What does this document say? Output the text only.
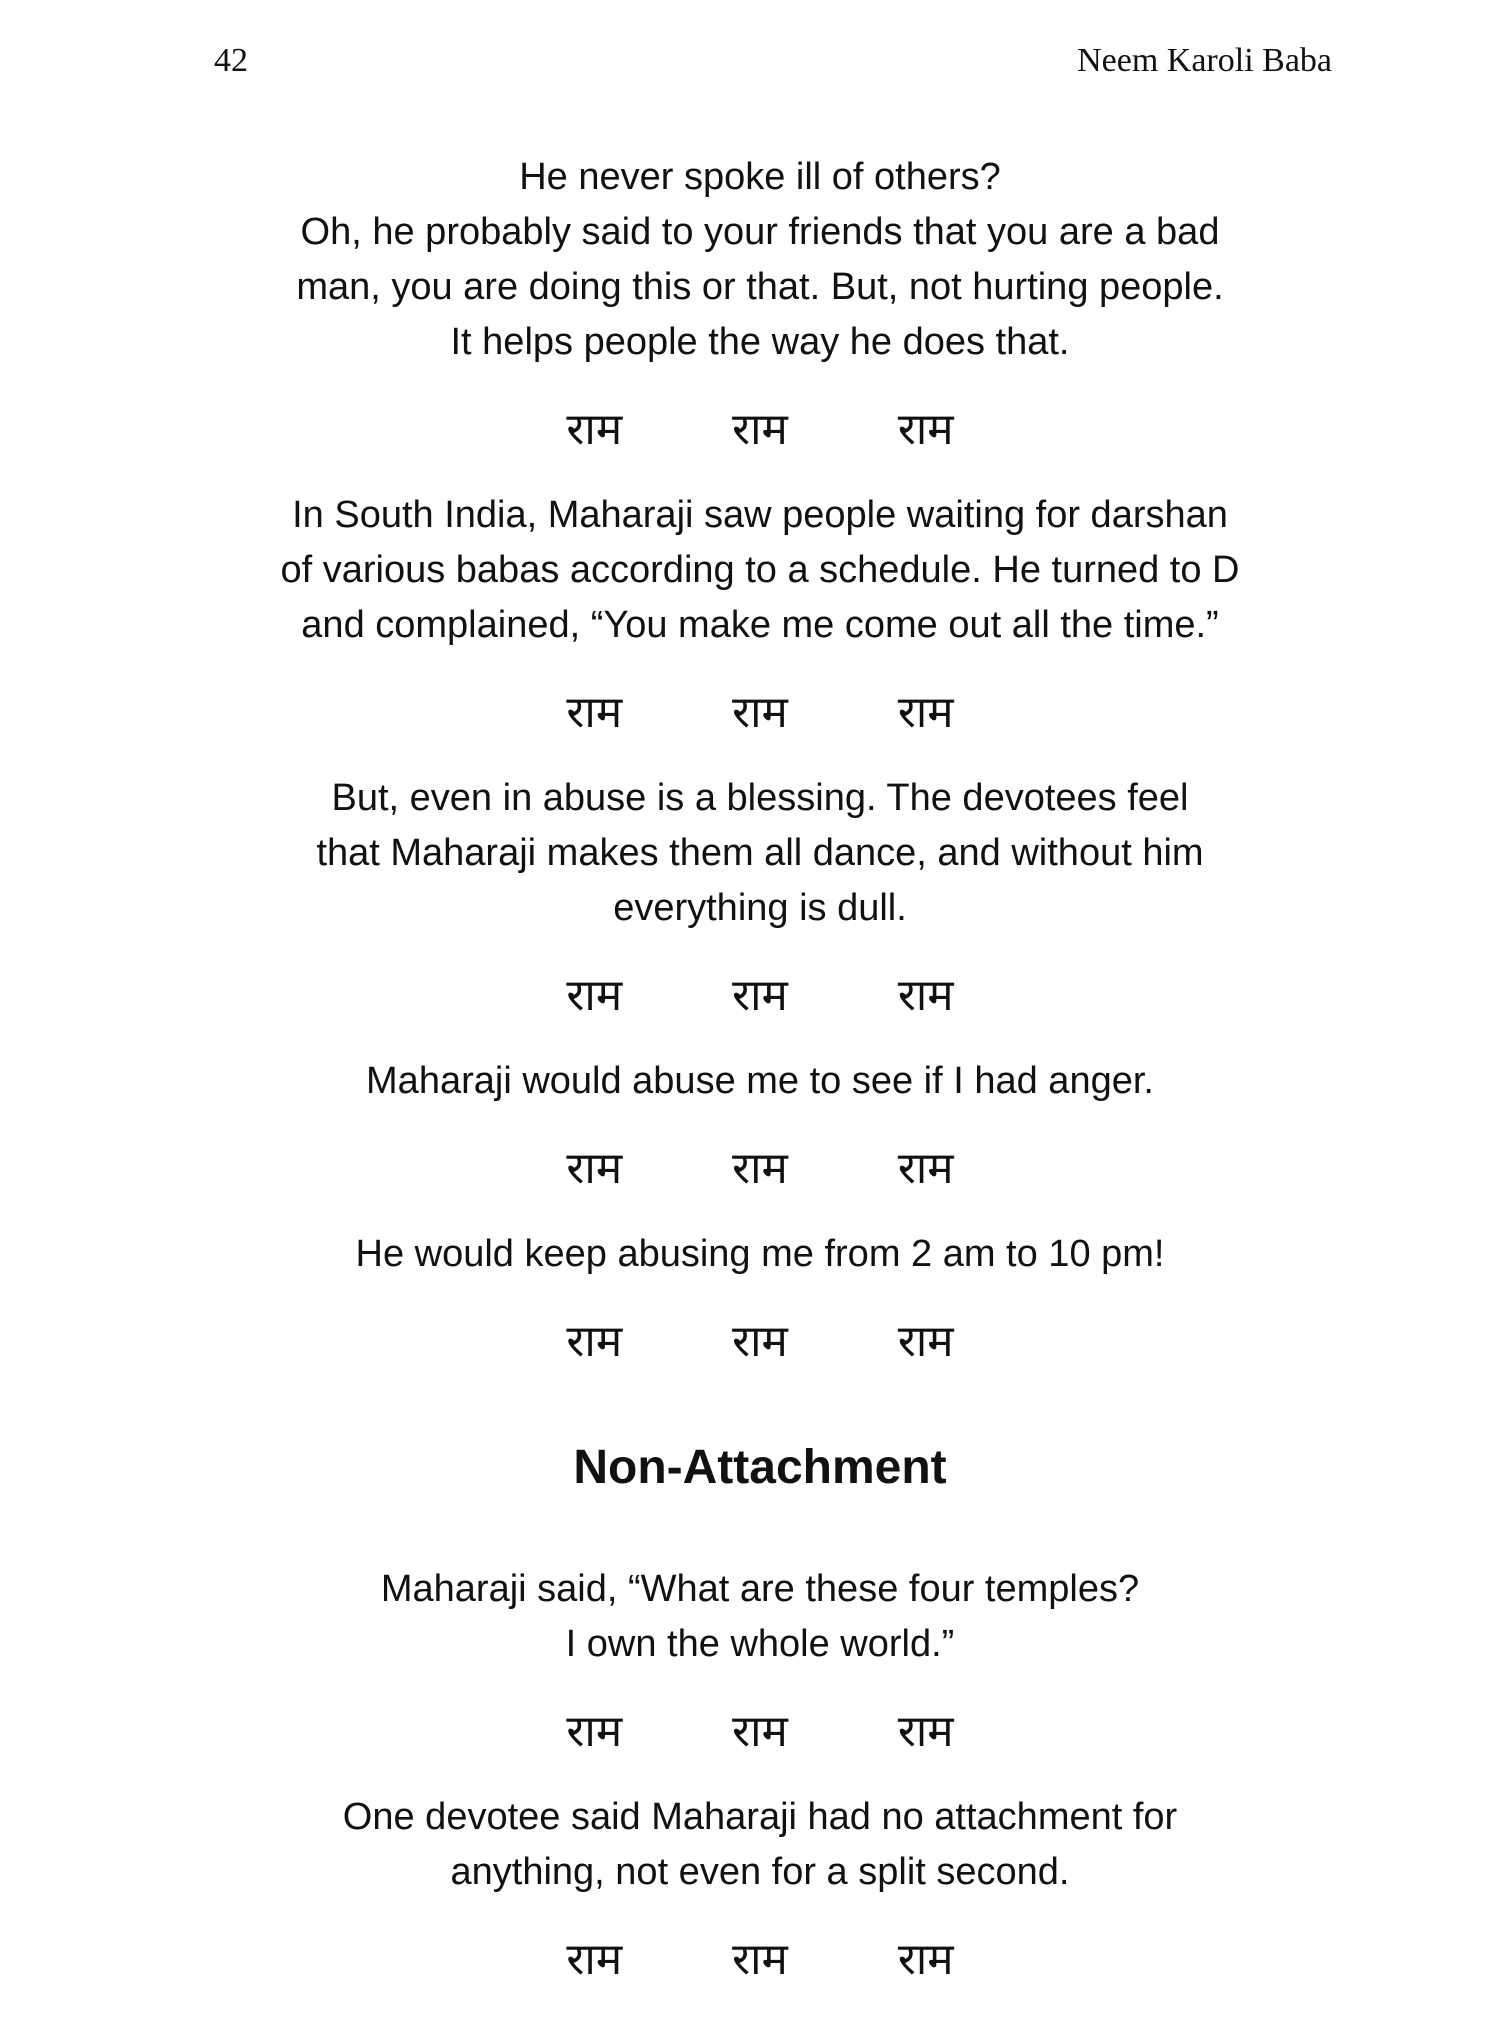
42	Neem Karoli Baba

He never spoke ill of others?
Oh, he probably said to your friends that you are a bad
man, you are doing this or that. But, not hurting people.
It helps people the way he does that.

राम	राम	राम

In South India, Maharaji saw people waiting for darshan
of various babas according to a schedule. He turned to D
and complained, “You make me come out all the time.”

राम	राम	राम

But, even in abuse is a blessing. The devotees feel
that Maharaji makes them all dance, and without him
everything is dull.

राम	राम	राम

Maharaji would abuse me to see if I had anger.

राम	राम	राम

He would keep abusing me from 2 am to 10 pm!

राम	राम	राम
Non-Attachment

Maharaji said, “What are these four temples?
I own the whole world.”

राम	राम	राम

One devotee said Maharaji had no attachment for
anything, not even for a split second.

राम	राम	राम
